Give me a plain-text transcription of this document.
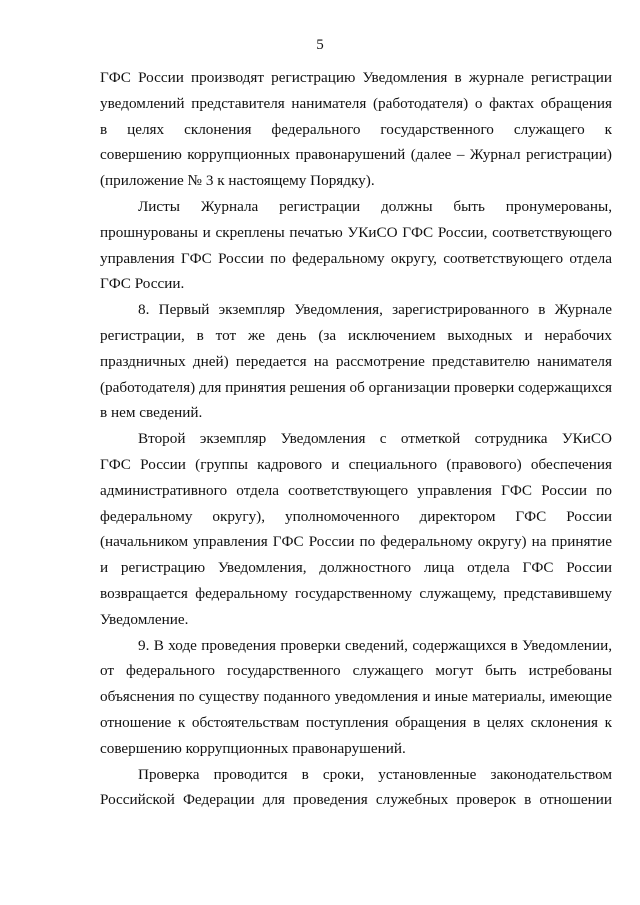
5
ГФС России производят регистрацию Уведомления в журнале регистрации
уведомлений представителя нанимателя (работодателя) о фактах обращения
в целях склонения федерального государственного служащего к
совершению коррупционных правонарушений (далее – Журнал регистрации)
(приложение № 3 к настоящему Порядку).
Листы Журнала регистрации должны быть пронумерованы,
прошнурованы и скреплены печатью УКиСО ГФС России, соответствующего
управления ГФС России по федеральному округу, соответствующего отдела
ГФС России.
8. Первый экземпляр Уведомления, зарегистрированного в Журнале
регистрации, в тот же день (за исключением выходных и нерабочих
праздничных дней) передается на рассмотрение представителю нанимателя
(работодателя) для принятия решения об организации проверки содержащихся
в нем сведений.
Второй экземпляр Уведомления с отметкой сотрудника УКиСО
ГФС России (группы кадрового и специального (правового) обеспечения
административного отдела соответствующего управления ГФС России по
федеральному округу), уполномоченного директором ГФС России
(начальником управления ГФС России по федеральному округу) на принятие
и регистрацию Уведомления, должностного лица отдела ГФС России
возвращается федеральному государственному служащему, представившему
Уведомление.
9. В ходе проведения проверки сведений, содержащихся в Уведомлении,
от федерального государственного служащего могут быть истребованы
объяснения по существу поданного уведомления и иные материалы, имеющие
отношение к обстоятельствам поступления обращения в целях склонения к
совершению коррупционных правонарушений.
Проверка проводится в сроки, установленные законодательством
Российской Федерации для проведения служебных проверок в отношении
